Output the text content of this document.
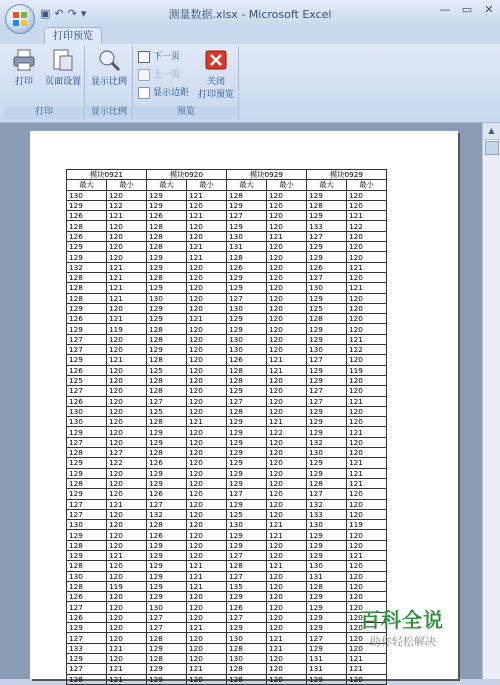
▣ ↶ ↷ ▾	测量数据.xlsx - Microsoft Excel	— ▭ ✕
打印预览
打印	页面设置
打印
显示比例
显示比例
下一页
上一页
显示边距
关闭
打印预览
预览
模块0921		模块0920		模块0929		模块0929	
最大	最小	最大	最小	最大	最小	最大	最小
130	120	129	121	128	120	129	120
129	122	129	120	129	120	128	120
126	121	126	121	127	120	129	121
128	120	128	120	129	120	133	122
126	120	128	120	130	121	127	120
129	120	128	121	131	120	129	120
129	120	129	121	128	120	129	120
132	121	129	120	126	120	126	121
128	121	128	120	129	120	127	120
128	121	129	120	129	120	130	121
128	121	130	120	127	120	129	120
129	120	129	120	130	120	125	120
126	121	129	121	129	120	128	120
129	119	128	120	129	120	129	120
127	120	128	120	130	120	129	121
127	120	129	120	130	120	130	122
129	121	128	120	126	121	127	120
126	120	125	120	128	121	129	119
125	120	128	120	128	120	129	120
127	120	128	120	129	120	127	120
126	120	127	120	127	120	127	121
130	120	125	120	128	120	129	120
130	120	128	121	129	121	129	120
129	120	129	120	129	122	129	121
127	120	129	120	129	120	132	120
128	127	128	120	129	120	130	120
129	122	126	120	129	120	129	121
129	120	129	120	129	120	129	121
128	120	129	120	129	120	128	121
129	120	126	120	127	120	127	120
127	121	127	120	129	120	132	120
127	120	132	120	125	120	133	120
130	120	128	120	130	121	130	119
129	120	126	120	129	121	129	120
128	120	129	120	129	120	129	120
129	121	129	120	127	120	129	121
128	120	129	121	128	121	130	120
130	120	129	121	127	120	131	120
128	119	129	121	135	120	128	120
126	120	129	120	129	120	129	120
127	120	130	120	126	120	129	120
126	120	127	120	127	120	129	120
129	120	127	121	129	120	129	120
127	120	128	120	130	121	127	120
133	121	129	120	128	121	129	120
129	120	128	120	130	120	131	121
127	121	129	121	128	120	131	121
128	121	129	120	128	120	129	120
▲
百科全说
助你轻松解决
